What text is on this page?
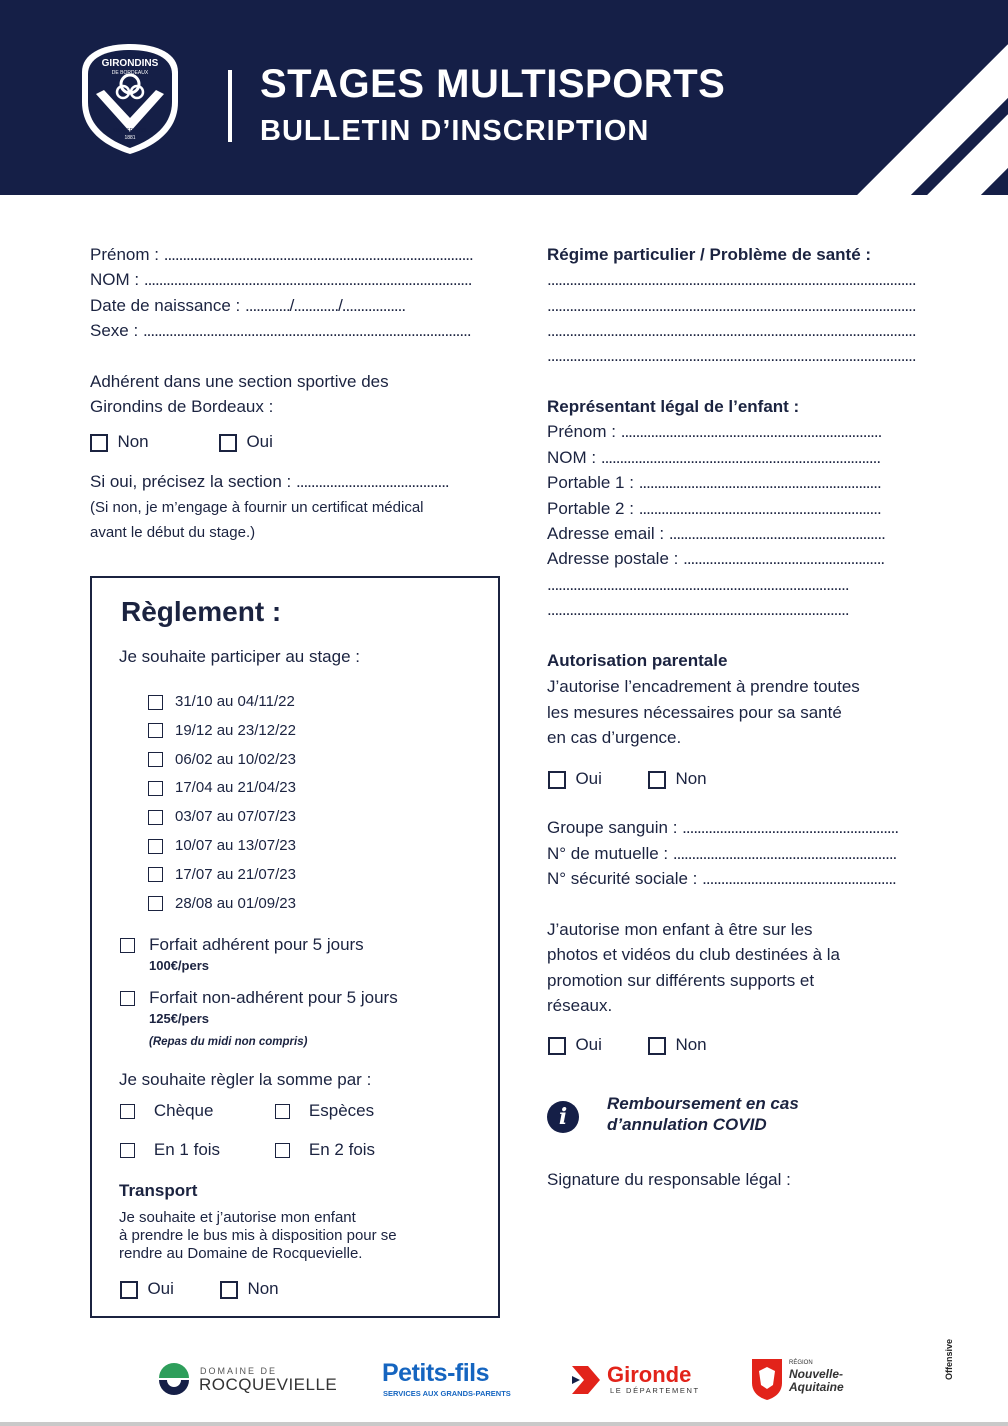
GIRONDINS
DE BORDEAUX
OMNISPORTS
1881
STAGES MULTISPORTS
BULLETIN D’INSCRIPTION
Prénom : ...................................................................................
NOM : ........................................................................................
Date de naissance : ............/............/.................
Sexe : ........................................................................................
Adhérent dans une section sportive des
Girondins de Bordeaux :
Non	Oui
Si oui, précisez la section : .........................................
(Si non, je m’engage à fournir un certificat médical
avant le début du stage.)
Règlement :
Je souhaite participer au stage :
31/10 au 04/11/22
19/12 au 23/12/22
06/02 au 10/02/23
17/04 au 21/04/23
03/07 au 07/07/23
10/07 au 13/07/23
17/07 au 21/07/23
28/08 au 01/09/23
Forfait adhérent pour 5 jours
100€/pers
Forfait non-adhérent pour 5 jours
125€/pers
(Repas du midi non compris)
Je souhaite règler la somme par :
Chèque	Espèces
En 1 fois	En 2 fois
Transport
Je souhaite et j’autorise mon enfant
à prendre le bus mis à disposition pour se
rendre au Domaine de Rocquevielle.
Oui	Non
Régime particulier / Problème de santé :
...................................................................................................
...................................................................................................
...................................................................................................
...................................................................................................
Représentant légal de l’enfant :
Prénom : ......................................................................
NOM : ...........................................................................
Portable 1 : .................................................................
Portable 2 : .................................................................
Adresse email : ..........................................................
Adresse postale : ......................................................
.................................................................................
.................................................................................
Autorisation parentale
J’autorise l’encadrement à prendre toutes
les mesures nécessaires pour sa santé
en cas d’urgence.
Oui	Non
Groupe sanguin : ..........................................................
N° de mutuelle : ............................................................
N° sécurité sociale : ....................................................
J’autorise mon enfant à être sur les
photos et vidéos du club destinées à la
promotion sur différents supports et
réseaux.
Oui	Non
i
Remboursement en cas
d’annulation COVID
Signature du responsable légal :
DOMAINE DE
ROCQUEVIELLE Petits-fils
SERVICES AUX GRANDS-PARENTS
Gironde
LE DÉPARTEMENT
RÉGION
Nouvelle-
Aquitaine
Offensive
